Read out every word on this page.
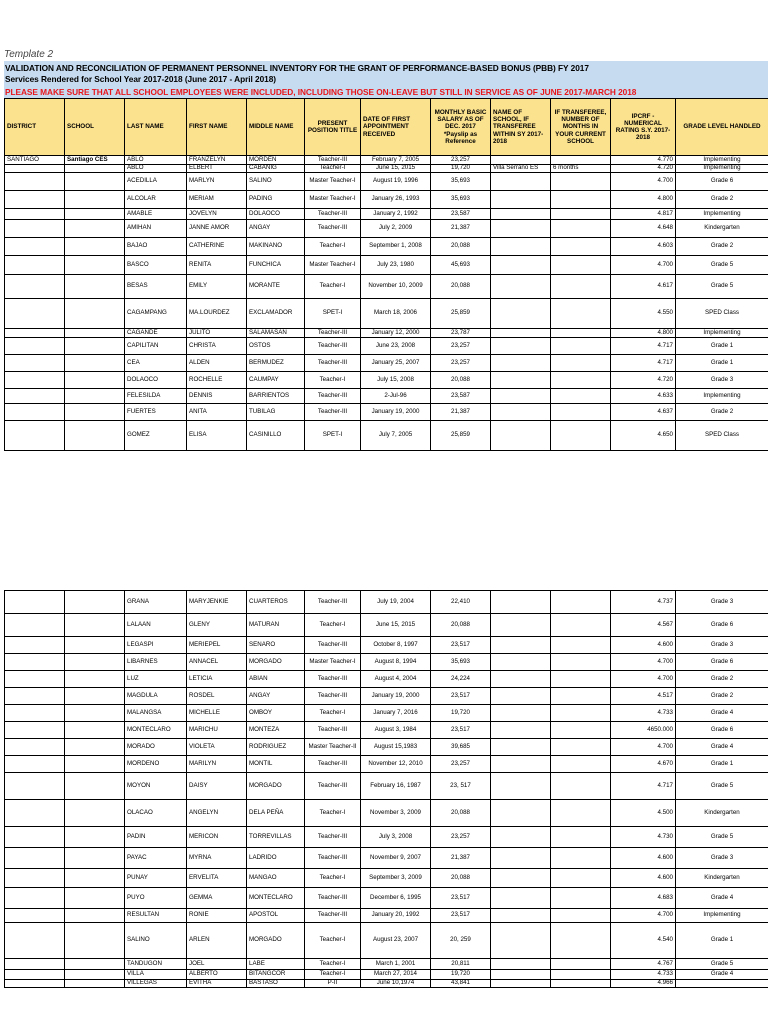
Template 2
VALIDATION AND RECONCILIATION OF PERMANENT PERSONNEL INVENTORY FOR THE GRANT OF PERFORMANCE-BASED BONUS (PBB) FY 2017
Services Rendered for School Year 2017-2018 (June 2017 - April 2018)
PLEASE MAKE SURE THAT ALL SCHOOL EMPLOYEES WERE INCLUDED, INCLUDING THOSE ON-LEAVE BUT STILL IN SERVICE AS OF JUNE 2017-MARCH 2018
DISTRICT	SCHOOL	LAST NAME	FIRST NAME	MIDDLE NAME	PRESENT POSITION TITLE	DATE OF FIRST APPOINTMENT RECEIVED	MONTHLY BASIC SALARY AS OF DEC. 2017 *Payslip as Reference	NAME OF SCHOOL, IF TRANSFEREE WITHIN SY 2017-2018	IF TRANSFEREE, NUMBER OF MONTHS IN YOUR CURRENT SCHOOL	IPCRF - NUMERICAL RATING S.Y. 2017-2018	GRADE LEVEL HANDLED
SANTIAGO	Santiago CES	ABLO	FRANZELYN	MORDEN	Teacher-III	February 7, 2005	23,257			4.770	Implementing
		ABLO	ELBERT	CABANIG	Teacher-I	June 15, 2015	19,720	Villa Serrano ES	6 months	4.720	Implementing
		ACEDILLA	MARLYN	SALINO	Master Teacher-I	August 19, 1996	35,693			4.700	Grade 6
		ALCOLAR	MERIAM	PADING	Master Teacher-I	January 26, 1993	35,693			4.800	Grade 2
		AMABLE	JOVELYN	DOLAOCO	Teacher-III	January 2, 1992	23,587			4.817	Implementing
		AMIHAN	JANNE AMOR	ANGAY	Teacher-III	July 2, 2009	21,387			4.648	Kindergarten
		BAJAO	CATHERINE	MAKINANO	Teacher-I	September 1, 2008	20,088			4.603	Grade 2
		BASCO	RENITA	FUNCHICA	Master Teacher-I	July 23, 1980	45,693			4.700	Grade 5
		BESAS	EMILY	MORANTE	Teacher-I	November 10, 2009	20,088			4.617	Grade 5
		CAGAMPANG	MA.LOURDEZ	EXCLAMADOR	SPET-I	March 18, 2006	25,859			4.550	SPED Class
		CAGANDE	JULITO	SALAMASAN	Teacher-III	January 12, 2000	23,787			4.800	Implementing
		CAPILITAN	CHRISTA	OSTOS	Teacher-III	June 23, 2008	23,257			4.717	Grade 1
		CEA	ALDEN	BERMUDEZ	Teacher-III	January 25, 2007	23,257			4.717	Grade 1
		DOLAOCO	ROCHELLE	CAUMPAY	Teacher-I	July 15, 2008	20,088			4.720	Grade 3
		FELESILDA	DENNIS	BARRIENTOS	Teacher-III	2-Jul-96	23,587			4.633	Implementing
		FUERTES	ANITA	TUBILAG	Teacher-III	January 19, 2000	21,387			4.637	Grade 2
		GOMEZ	ELISA	CASINILLO	SPET-I	July 7, 2005	25,859			4.650	SPED Class
		GRANA	MARYJENKIE	CUARTEROS	Teacher-III	July 19, 2004	22,410			4.737	Grade 3
		LALAAN	GLENY	MATURAN	Teacher-I	June 15, 2015	20,088			4.567	Grade 6
		LEGASPI	MERIEPEL	SENARO	Teacher-III	October 8, 1997	23,517			4.600	Grade 3
		LIBARNES	ANNACEL	MORGADO	Master Teacher-I	August 8, 1994	35,693			4.700	Grade 6
		LUZ	LETICIA	ABIAN	Teacher-III	August 4, 2004	24,224			4.700	Grade 2
		MAGDULA	ROSDEL	ANGAY	Teacher-III	January 19, 2000	23,517			4.517	Grade 2
		MALANGSA	MICHELLE	OMBOY	Teacher-I	January 7, 2016	19,720			4.733	Grade 4
		MONTECLARO	MARICHU	MONTEZA	Teacher-III	August 3, 1984	23,517			4650.000	Grade 6
		MORADO	VIOLETA	RODRIGUEZ	Master Teacher-II	August 15,1983	39,685			4.700	Grade 4
		MORDENO	MARILYN	MONTIL	Teacher-III	November 12, 2010	23,257			4.670	Grade 1
		MOYON	DAISY	MORGADO	Teacher-III	February 16, 1987	23, 517			4.717	Grade 5
		OLACAO	ANGELYN	DELA PEÑA	Teacher-I	November 3, 2009	20,088			4.500	Kindergarten
		PADIN	MERICON	TORREVILLAS	Teacher-III	July 3, 2008	23,257			4.730	Grade 5
		PAYAC	MYRNA	LADRIDO	Teacher-III	November 9, 2007	21,387			4.600	Grade 3
		PUNAY	ERVELITA	MANGAO	Teacher-I	September 3, 2009	20,088			4.600	Kindergarten
		PUYO	GEMMA	MONTECLARO	Teacher-III	December 6, 1995	23,517			4.683	Grade 4
		RESULTAN	RONIE	APOSTOL	Teacher-III	January 20, 1992	23,517			4.700	Implementing
		SALINO	ARLEN	MORGADO	Teacher-I	August 23, 2007	20, 259			4.540	Grade 1
		TANDUGON	JOEL	LABE	Teacher-I	March 1, 2001	20,811			4.767	Grade 5
		VILLA	ALBERTO	BITANGCOR	Teacher-I	March 27, 2014	19,720			4.733	Grade 4
		VILLEGAS	EVITHA	BASTASO	P-II	June 10,1974	43,841			4.966	
